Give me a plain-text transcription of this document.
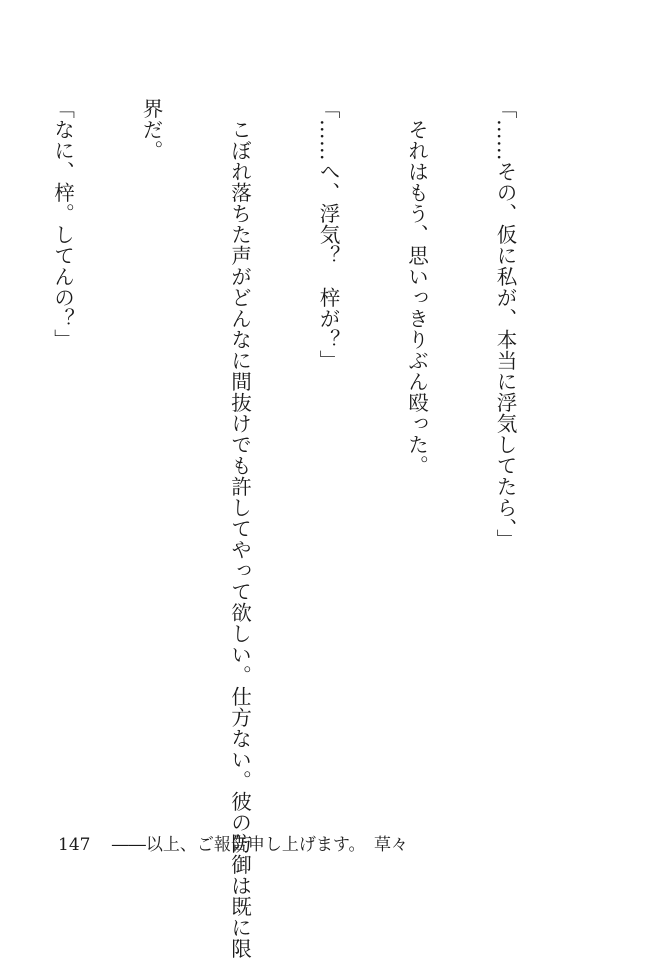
「……その、仮に私が、本当に浮気してたら、」

　それはもう、思いっきりぶん殴った。

「……へ、浮気？　梓が？」

　こぼれ落ちた声がどんなに間抜けでも許してやって欲しい。仕方ない。彼の防御は既に限

界だ。

「なに、梓。してんの？」

147 ――以上、ご報告申し上げます。　草々
